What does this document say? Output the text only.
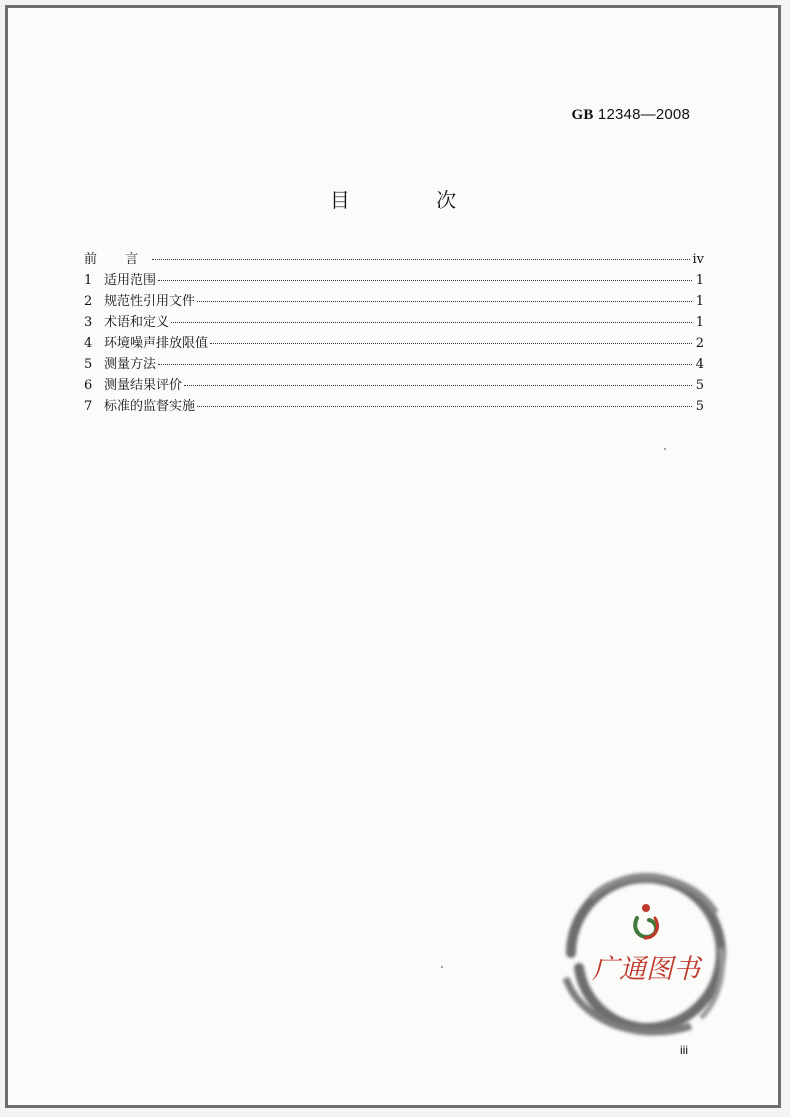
GB 12348—2008
目 次
前 言	iv
1 适用范围	1
2 规范性引用文件	1
3 术语和定义	1
4 环境噪声排放限值	2
5 测量方法	4
6 测量结果评价	5
7 标准的监督实施	5
广通图书
iii
